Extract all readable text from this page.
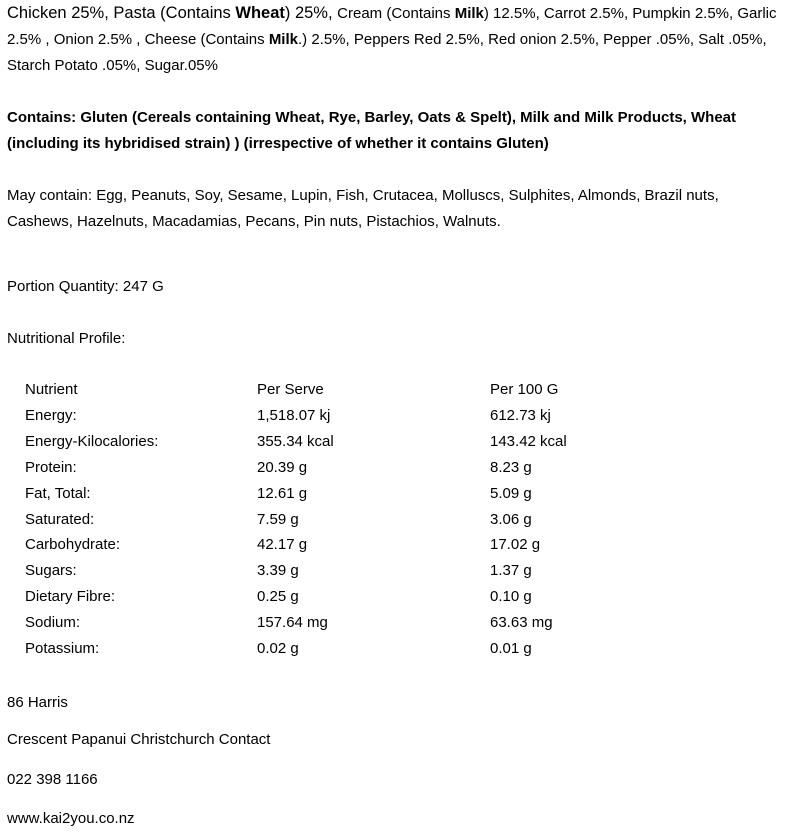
Chicken 25%, Pasta (Contains Wheat) 25%, Cream (Contains Milk) 12.5%, Carrot 2.5%, Pumpkin 2.5%, Garlic 2.5% , Onion 2.5% , Cheese (Contains Milk.) 2.5%, Peppers Red 2.5%, Red onion 2.5%, Pepper .05%, Salt .05%, Starch Potato .05%, Sugar.05%

Contains: Gluten (Cereals containing Wheat, Rye, Barley, Oats & Spelt), Milk and Milk Products, Wheat (including its hybridised strain) ) (irrespective of whether it contains Gluten)

May contain: Egg, Peanuts, Soy, Sesame, Lupin, Fish, Crutacea, Molluscs, Sulphites, Almonds, Brazil nuts, Cashews, Hazelnuts, Macadamias, Pecans, Pin nuts, Pistachios, Walnuts.

Portion Quantity: 247 G

Nutritional Profile:

Nutrient	Per Serve	Per 100 G
Energy:	1,518.07 kj	612.73 kj
Energy-Kilocalories:	355.34 kcal	143.42 kcal
Protein:	20.39 g	8.23 g
Fat, Total:	12.61 g	5.09 g
Saturated:	7.59 g	3.06 g
Carbohydrate:	42.17 g	17.02 g
Sugars:	3.39 g	1.37 g
Dietary Fibre:	0.25 g	0.10 g
Sodium:	157.64 mg	63.63 mg
Potassium:	0.02 g	0.01 g

86 Harris

Crescent Papanui Christchurch Contact

022 398 1166

www.kai2you.co.nz
